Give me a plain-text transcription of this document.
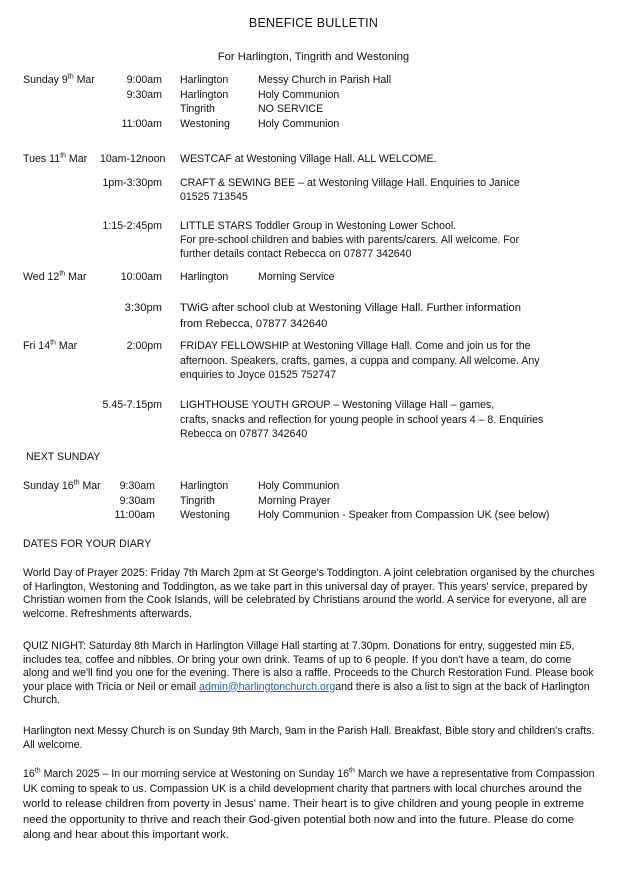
BENEFICE BULLETIN
For Harlington, Tingrith and Westoning
Sunday 9th Mar	9:00am Harlington	Messy Church in Parish Hall
9:30am Harlington	Holy Communion
Tingrith	NO SERVICE
11:00am Westoning	Holy Communion
Tues 11th Mar 10am-12noon WESTCAF at Westoning Village Hall. ALL WELCOME.
1pm-3:30pm CRAFT & SEWING BEE – at Westoning Village Hall. Enquiries to Janice
01525 713545
1:15-2:45pm LITTLE STARS Toddler Group in Westoning Lower School.
For pre-school children and babies with parents/carers. All welcome. For
further details contact Rebecca on 07877 342640
Wed 12th Mar	10:00am Harlington	Morning Service
3:30pm TWiG after school club at Westoning Village Hall. Further information
from Rebecca, 07877 342640
Fri 14th Mar	2:00pm FRIDAY FELLOWSHIP at Westoning Village Hall. Come and join us for the
afternoon. Speakers, crafts, games, a cuppa and company. All welcome. Any
enquiries to Joyce 01525 752747
5.45-7.15pm LIGHTHOUSE YOUTH GROUP – Westoning Village Hall – games,
crafts, snacks and reflection for young people in school years 4 – 8. Enquiries
Rebecca on 07877 342640
NEXT SUNDAY
Sunday 16th Mar	9:30am Harlington	Holy Communion
9:30am Tingrith	Morning Prayer
11:00am Westoning	Holy Communion - Speaker from Compassion UK (see below)
DATES FOR YOUR DIARY
World Day of Prayer 2025: Friday 7th March 2pm at St George's Toddington. A joint celebration organised by the churches of Harlington, Westoning and Toddington, as we take part in this universal day of prayer. This years' service, prepared by Christian women from the Cook Islands, will be celebrated by Christians around the world. A service for everyone, all are welcome. Refreshments afterwards.
QUIZ NIGHT: Saturday 8th March in Harlington Village Hall starting at 7.30pm. Donations for entry, suggested min £5, includes tea, coffee and nibbles. Or bring your own drink. Teams of up to 6 people. If you don't have a team, do come along and we'll find you one for the evening. There is also a raffle. Proceeds to the Church Restoration Fund. Please book your place with Tricia or Neil or email admin@harlingtonchurch.organd there is also a list to sign at the back of Harlington Church.
Harlington next Messy Church is on Sunday 9th March, 9am in the Parish Hall. Breakfast, Bible story and children's crafts. All welcome.
16th March 2025 – In our morning service at Westoning on Sunday 16th March we have a representative from Compassion UK coming to speak to us. Compassion UK is a child development charity that partners with local churches around the world to release children from poverty in Jesus' name. Their heart is to give children and young people in extreme need the opportunity to thrive and reach their God-given potential both now and into the future. Please do come along and hear about this important work.
